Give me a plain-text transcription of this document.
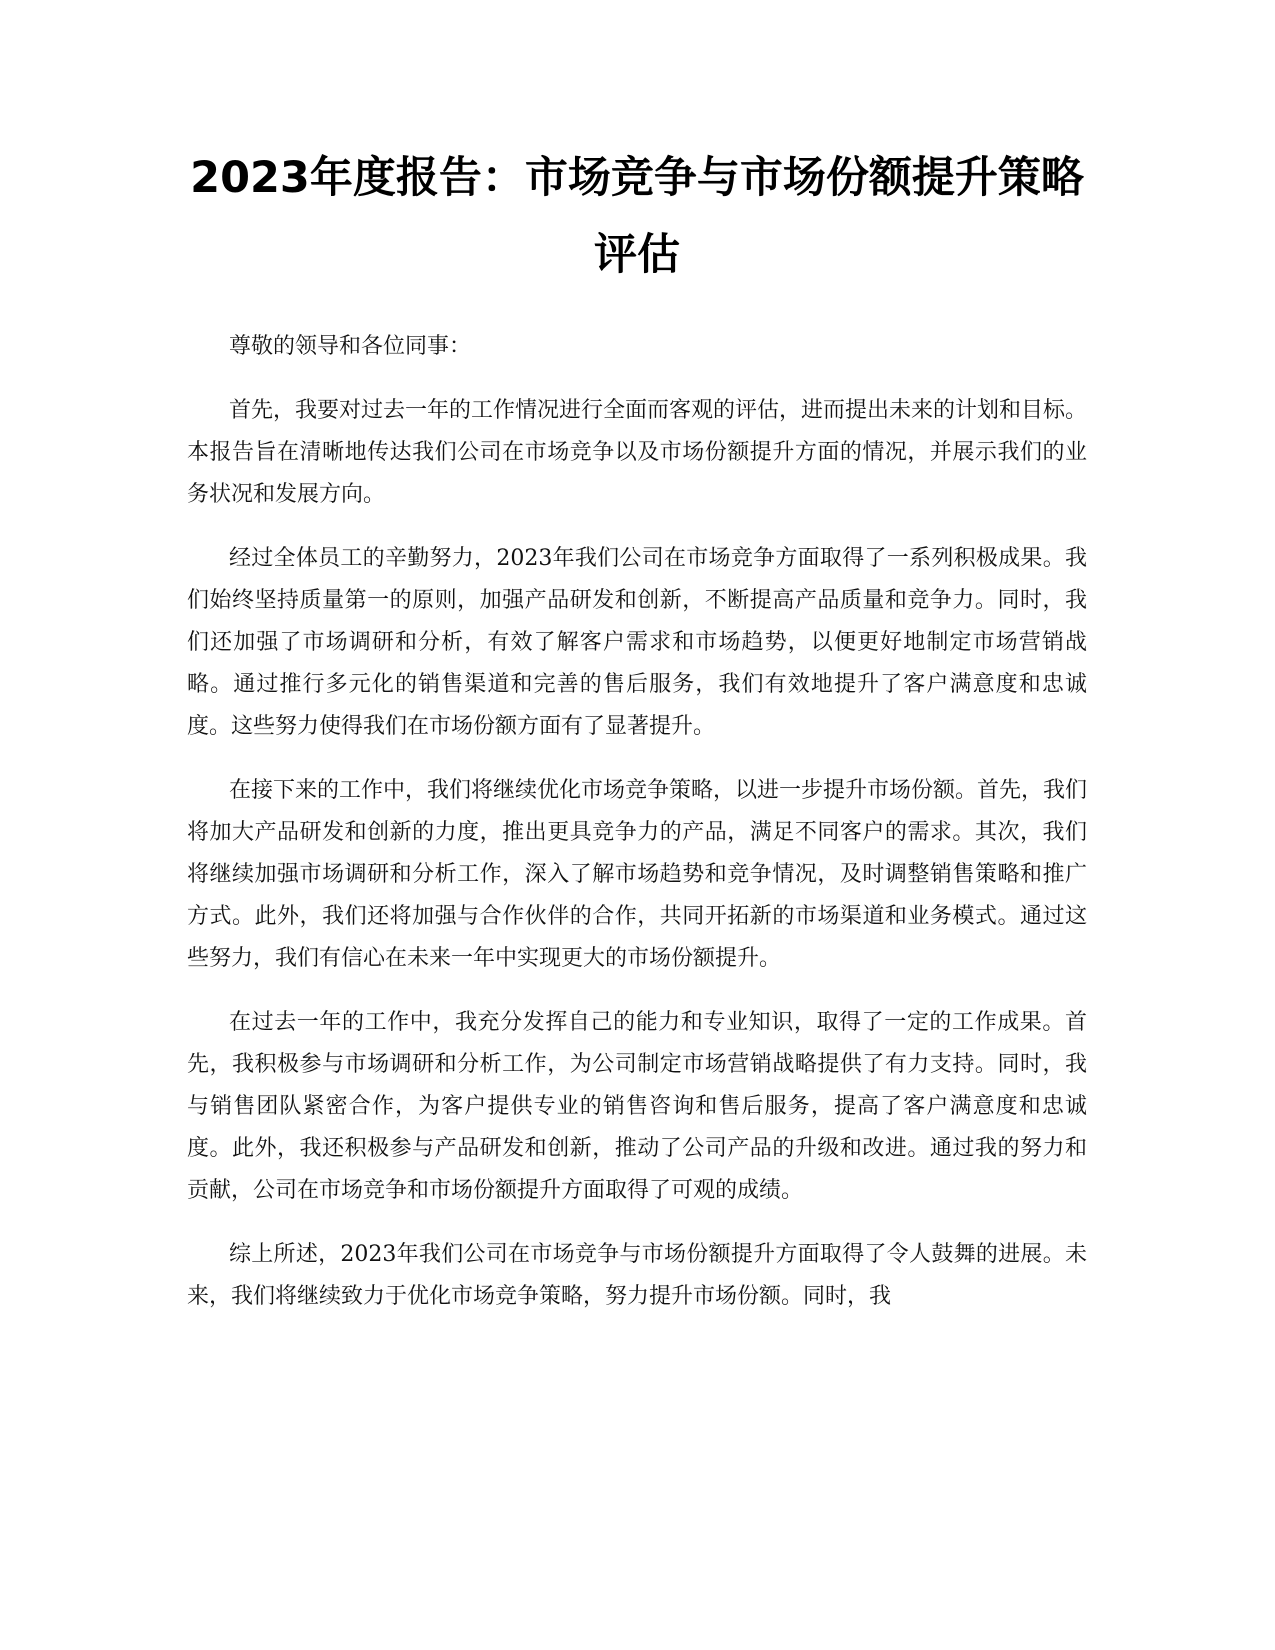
2023年度报告：市场竞争与市场份额提升策略评估

尊敬的领导和各位同事：

首先，我要对过去一年的工作情况进行全面而客观的评估，进而提出未来的计划和目标。本报告旨在清晰地传达我们公司在市场竞争以及市场份额提升方面的情况，并展示我们的业务状况和发展方向。

经过全体员工的辛勤努力，2023年我们公司在市场竞争方面取得了一系列积极成果。我们始终坚持质量第一的原则，加强产品研发和创新，不断提高产品质量和竞争力。同时，我们还加强了市场调研和分析，有效了解客户需求和市场趋势，以便更好地制定市场营销战略。通过推行多元化的销售渠道和完善的售后服务，我们有效地提升了客户满意度和忠诚度。这些努力使得我们在市场份额方面有了显著提升。

在接下来的工作中，我们将继续优化市场竞争策略，以进一步提升市场份额。首先，我们将加大产品研发和创新的力度，推出更具竞争力的产品，满足不同客户的需求。其次，我们将继续加强市场调研和分析工作，深入了解市场趋势和竞争情况，及时调整销售策略和推广方式。此外，我们还将加强与合作伙伴的合作，共同开拓新的市场渠道和业务模式。通过这些努力，我们有信心在未来一年中实现更大的市场份额提升。

在过去一年的工作中，我充分发挥自己的能力和专业知识，取得了一定的工作成果。首先，我积极参与市场调研和分析工作，为公司制定市场营销战略提供了有力支持。同时，我与销售团队紧密合作，为客户提供专业的销售咨询和售后服务，提高了客户满意度和忠诚度。此外，我还积极参与产品研发和创新，推动了公司产品的升级和改进。通过我的努力和贡献，公司在市场竞争和市场份额提升方面取得了可观的成绩。

综上所述，2023年我们公司在市场竞争与市场份额提升方面取得了令人鼓舞的进展。未来，我们将继续致力于优化市场竞争策略，努力提升市场份额。同时，我
